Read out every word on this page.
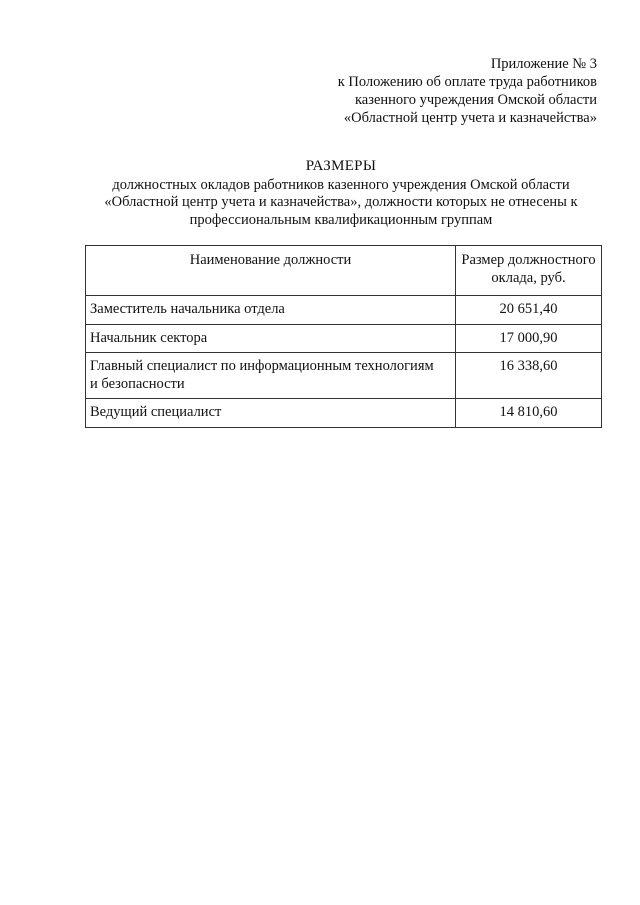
Приложение № 3
к Положению об оплате труда работников
казенного учреждения Омской области
«Областной центр учета и казначейства»
РАЗМЕРЫ
должностных окладов работников казенного учреждения Омской области
«Областной центр учета и казначейства», должности которых не отнесены к
профессиональным квалификационным группам
Наименование должности	Размер должностного
оклада, руб.

Заместитель начальника отдела	20 651,40
Начальник сектора	17 000,90

Главный специалист по информационным технологиям
и безопасности	16 338,60
Ведущий специалист	14 810,60
